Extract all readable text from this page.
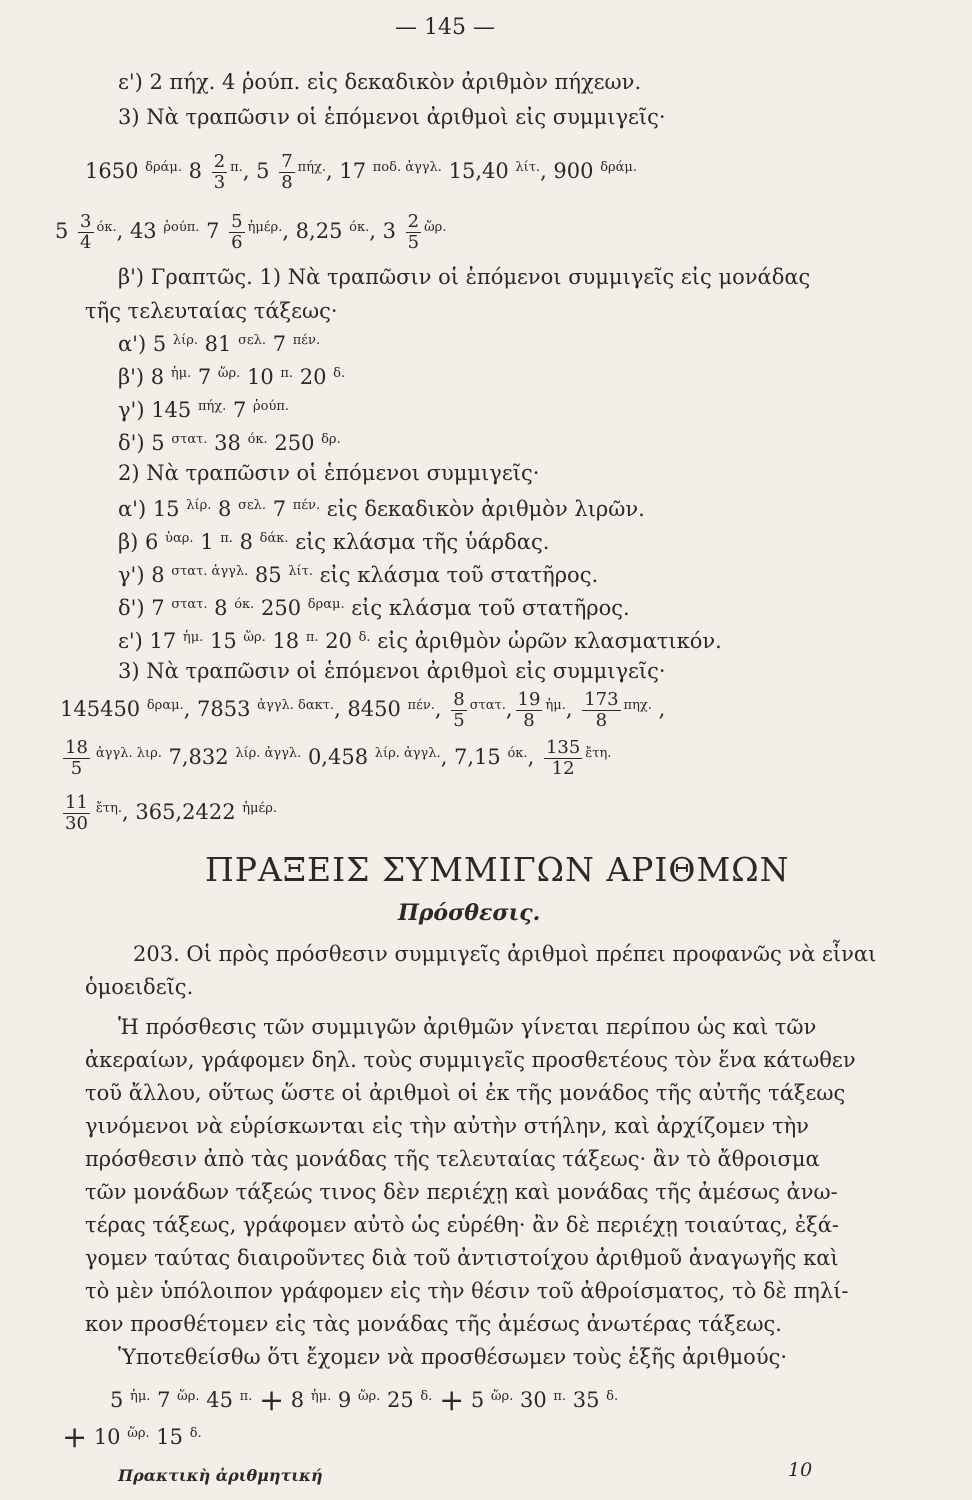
— 145 —
ε') 2 πήχ. 4 ῥούπ. εἰς δεκαδικὸν ἀριθμὸν πήχεων.
3) Νὰ τραπῶσιν οἱ ἑπόμενοι ἀριθμοὶ εἰς συμμιγεῖς·
1650 $^{\delta\rho ά\mu.}$ $8 \frac{2}{3} ^{\pi.}$, $5 \frac{7}{8} ^{\pi ή\chi.}$, 17 $^{\pi o\delta. ἀ\gamma\gamma\lambda.}$ 15,40 $^{\lambda ί\tau.}$, 900 $^{\delta\rho ά\mu.}$
$5 \frac{3}{4} ^{ό\kappa.}$, 43 $^{ῥoύ\pi.}$ $7 \frac{5}{6} ^{ἡ\mu έ\rho.}$, 8,25 $^{ό\kappa.}$, $3 \frac{2}{5} ^{ὥ\rho.}$
β') Γραπτῶς. 1) Νὰ τραπῶσιν οἱ ἑπόμενοι συμμιγεῖς εἰς μονάδας
τῆς τελευταίας τάξεως·
α') 5 $^{\lambda ί\rho.}$ 81 $^{\sigma\varepsilon\lambda.}$ 7 $^{\pi έ\nu.}$
β') 8 $^{ἡ\mu.}$ 7 $^{ὥ\rho.}$ 10 $^{\pi.}$ 20 $^{\delta.}$
γ') 145 $^{\pi ή\chi.}$ 7 $^{ῥoύ\pi.}$
δ') 5 $^{\sigma\tau\alpha\tau.}$ 38 $^{ό\kappa.}$ 250 $^{\delta\rho.}$
2) Νὰ τραπῶσιν οἱ ἑπόμενοι συμμιγεῖς·
α') 15 $^{\lambda ί\rho.}$ 8 $^{\sigma\varepsilon\lambda.}$ 7 $^{\pi έ\nu.}$ εἰς δεκαδικὸν ἀριθμὸν λιρῶν.
β) 6 $^{ὑ\alpha\rho.}$ 1 $^{\pi.}$ 8 $^{\delta ά\kappa.}$ εἰς κλάσμα τῆς ὑάρδας.
γ') 8 $^{\sigma\tau\alpha\tau. ἀ\gamma\gamma\lambda.}$ 85 $^{\lambda ί\tau.}$ εἰς κλάσμα τοῦ στατῆρος.
δ') 7 $^{\sigma\tau\alpha\tau.}$ 8 $^{ό\kappa.}$ 250 $^{\delta\rho\alpha\mu.}$ εἰς κλάσμα τοῦ στατῆρος.
ε') 17 $^{ἡ\mu.}$ 15 $^{ὥ\rho.}$ 18 $^{\pi.}$ 20 $^{\delta.}$ εἰς ἀριθμὸν ὡρῶν κλασματικόν.
3) Νὰ τραπῶσιν οἱ ἑπόμενοι ἀριθμοὶ εἰς συμμιγεῖς·
145450 $^{\delta\rho\alpha\mu.}$, 7853 $^{ἀ\gamma\gamma\lambda. \delta\alpha\kappa\tau.}$, 8450 $^{\pi έ\nu.}$, $\frac{8}{5} ^{\sigma\tau\alpha\tau.}$, $\frac{19}{8} ^{ἡ\mu.}$, $\frac{173}{8} ^{\pi\eta\chi.}$ ,
$\frac{18}{5} ^{ἀ\gamma\gamma\lambda. \lambda\iota\rho.}$ 7,832 $^{\lambda ί\rho. ἀ\gamma\gamma\lambda.}$ 0,458 $^{\lambda ί\rho. ἀ\gamma\gamma\lambda.}$, 7,15 $^{ό\kappa.}$, $\frac{135}{12} ^{ἔ\tau\eta.}$
$\frac{11}{30} ^{ἔ\tau\eta.}$, 365,2422 $^{ἡ\mu έ\rho.}$
ΠΡΑΞΕΙΣ ΣΥΜΜΙΓΩΝ ΑΡΙΘΜΩΝ
Πρόσθεσις.
203. Οἱ πρὸς πρόσθεσιν συμμιγεῖς ἀριθμοὶ πρέπει προφανῶς νὰ εἶναι
ὁμοειδεῖς.
Ἡ πρόσθεσις τῶν συμμιγῶν ἀριθμῶν γίνεται περίπου ὡς καὶ τῶν
ἀκεραίων, γράφομεν δηλ. τοὺς συμμιγεῖς προσθετέους τὸν ἕνα κάτωθεν
τοῦ ἄλλου, οὕτως ὥστε οἱ ἀριθμοὶ οἱ ἐκ τῆς μονάδος τῆς αὐτῆς τάξεως
γινόμενοι νὰ εὑρίσκωνται εἰς τὴν αὐτὴν στήλην, καὶ ἀρχίζομεν τὴν
πρόσθεσιν ἀπὸ τὰς μονάδας τῆς τελευταίας τάξεως· ἂν τὸ ἄθροισμα
τῶν μονάδων τάξεώς τινος δὲν περιέχῃ καὶ μονάδας τῆς ἀμέσως ἀνω-
τέρας τάξεως, γράφομεν αὐτὸ ὡς εὑρέθη· ἂν δὲ περιέχῃ τοιαύτας, ἐξά-
γομεν ταύτας διαιροῦντες διὰ τοῦ ἀντιστοίχου ἀριθμοῦ ἀναγωγῆς καὶ
τὸ μὲν ὑπόλοιπον γράφομεν εἰς τὴν θέσιν τοῦ ἀθροίσματος, τὸ δὲ πηλί-
κον προσθέτομεν εἰς τὰς μονάδας τῆς ἀμέσως ἀνωτέρας τάξεως.
Ὑποτεθείσθω ὅτι ἔχομεν νὰ προσθέσωμεν τοὺς ἑξῆς ἀριθμούς·
5 $^{ἡ\mu.}$ 7 $^{ὥ\rho.}$ 45 $^{\pi.}$ + 8 $^{ἡ\mu.}$ 9 $^{ὥ\rho.}$ 25 $^{\delta.}$ + 5 $^{ὥ\rho.}$ 30 $^{\pi.}$ 35 $^{\delta.}$
+ 10 $^{ὥ\rho.}$ 15 $^{\delta.}$
Πρακτικὴ ἀριθμητική	10
